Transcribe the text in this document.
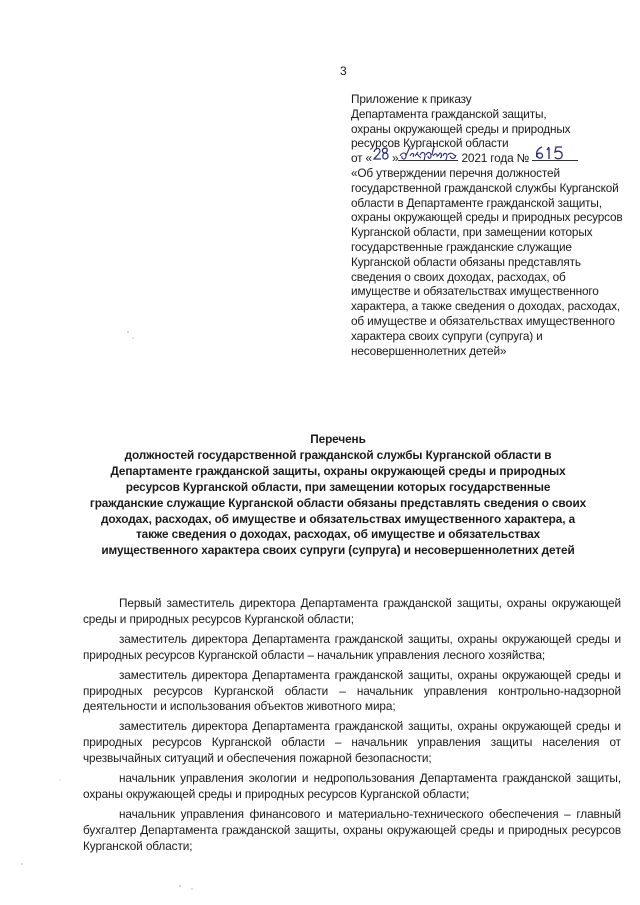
3
Приложение к приказу
Департамента гражданской защиты,
охраны окружающей среды и природных
ресурсов Курганской области
от « »	2021 года №
«Об утверждении перечня должностей государственной гражданской службы Курганской области в Департаменте гражданской защиты, охраны окружающей среды и природных ресурсов Курганской области, при замещении которых государственные гражданские служащие Курганской области обязаны представлять сведения о своих доходах, расходах, об имуществе и обязательствах имущественного характера, а также сведения о доходах, расходах, об имуществе и обязательствах имущественного характера своих супруги (супруга) и несовершеннолетних детей»
Перечень
должностей государственной гражданской службы Курганской области в Департаменте гражданской защиты, охраны окружающей среды и природных ресурсов Курганской области, при замещении которых государственные гражданские служащие Курганской области обязаны представлять сведения о своих доходах, расходах, об имуществе и обязательствах имущественного характера, а также сведения о доходах, расходах, об имуществе и обязательствах имущественного характера своих супруги (супруга) и несовершеннолетних детей

Первый заместитель директора Департамента гражданской защиты, охраны окружающей среды и природных ресурсов Курганской области;

заместитель директора Департамента гражданской защиты, охраны окружающей среды и природных ресурсов Курганской области – начальник управления лесного хозяйства;

заместитель директора Департамента гражданской защиты, охраны окружающей среды и природных ресурсов Курганской области – начальник управления контрольно-надзорной деятельности и использования объектов животного мира;

заместитель директора Департамента гражданской защиты, охраны окружающей среды и природных ресурсов Курганской области – начальник управления защиты населения от чрезвычайных ситуаций и обеспечения пожарной безопасности;

начальник управления экологии и недропользования Департамента гражданской защиты, охраны окружающей среды и природных ресурсов Курганской области;

начальник управления финансового и материально-технического обеспечения – главный бухгалтер Департамента гражданской защиты, охраны окружающей среды и природных ресурсов Курганской области;
